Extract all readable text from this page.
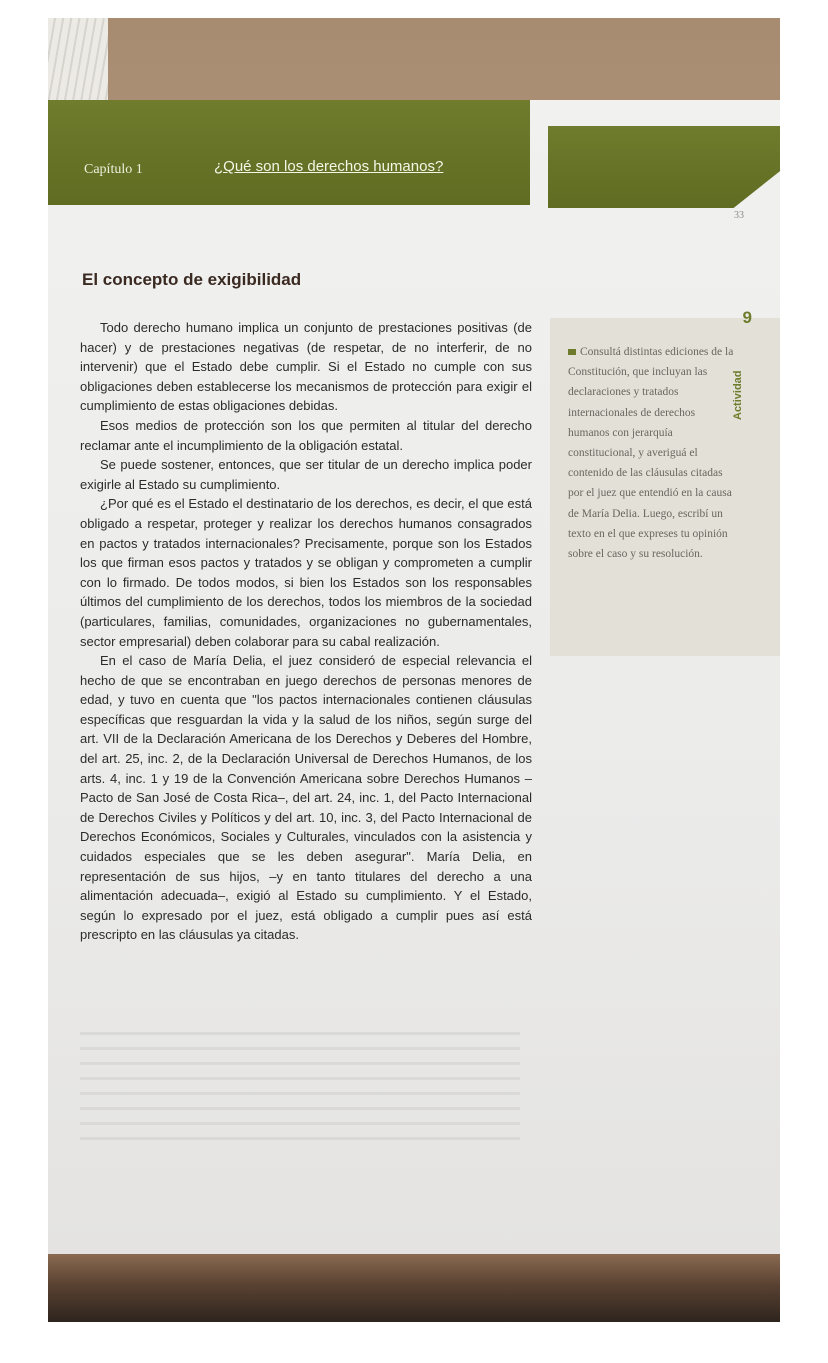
Capítulo 1	¿Qué son los derechos humanos?
33
El concepto de exigibilidad

Todo derecho humano implica un conjunto de prestaciones positivas (de hacer) y de prestaciones negativas (de respetar, de no interferir, de no intervenir) que el Estado debe cumplir. Si el Estado no cumple con sus obligaciones deben establecerse los mecanismos de protección para exigir el cumplimiento de estas obligaciones debidas.

Esos medios de protección son los que permiten al titular del derecho reclamar ante el incumplimiento de la obligación estatal.

Se puede sostener, entonces, que ser titular de un derecho implica poder exigirle al Estado su cumplimiento.

¿Por qué es el Estado el destinatario de los derechos, es decir, el que está obligado a respetar, proteger y realizar los derechos humanos consagrados en pactos y tratados internacionales? Precisamente, porque son los Estados los que firman esos pactos y tratados y se obligan y comprometen a cumplir con lo firmado. De todos modos, si bien los Estados son los responsables últimos del cumplimiento de los derechos, todos los miembros de la sociedad (particulares, familias, comunidades, organizaciones no gubernamentales, sector empresarial) deben colaborar para su cabal realización.

En el caso de María Delia, el juez consideró de especial relevancia el hecho de que se encontraban en juego derechos de personas menores de edad, y tuvo en cuenta que "los pactos internacionales contienen cláusulas específicas que resguardan la vida y la salud de los niños, según surge del art. VII de la Declaración Americana de los Derechos y Deberes del Hombre, del art. 25, inc. 2, de la Declaración Universal de Derechos Humanos, de los arts. 4, inc. 1 y 19 de la Convención Americana sobre Derechos Humanos –Pacto de San José de Costa Rica–, del art. 24, inc. 1, del Pacto Internacional de Derechos Civiles y Políticos y del art. 10, inc. 3, del Pacto Internacional de Derechos Económicos, Sociales y Culturales, vinculados con la asistencia y cuidados especiales que se les deben asegurar". María Delia, en representación de sus hijos, –y en tanto titulares del derecho a una alimentación adecuada–, exigió al Estado su cumplimiento. Y el Estado, según lo expresado por el juez, está obligado a cumplir pues así está prescripto en las cláusulas ya citadas.

9
Actividad
Consultá distintas ediciones de la Constitución, que incluyan las declaraciones y tratados internacionales de derechos humanos con jerarquía constitucional, y averiguá el contenido de las cláusulas citadas por el juez que entendió en la causa de María Delia. Luego, escribí un texto en el que expreses tu opinión sobre el caso y su resolución.
